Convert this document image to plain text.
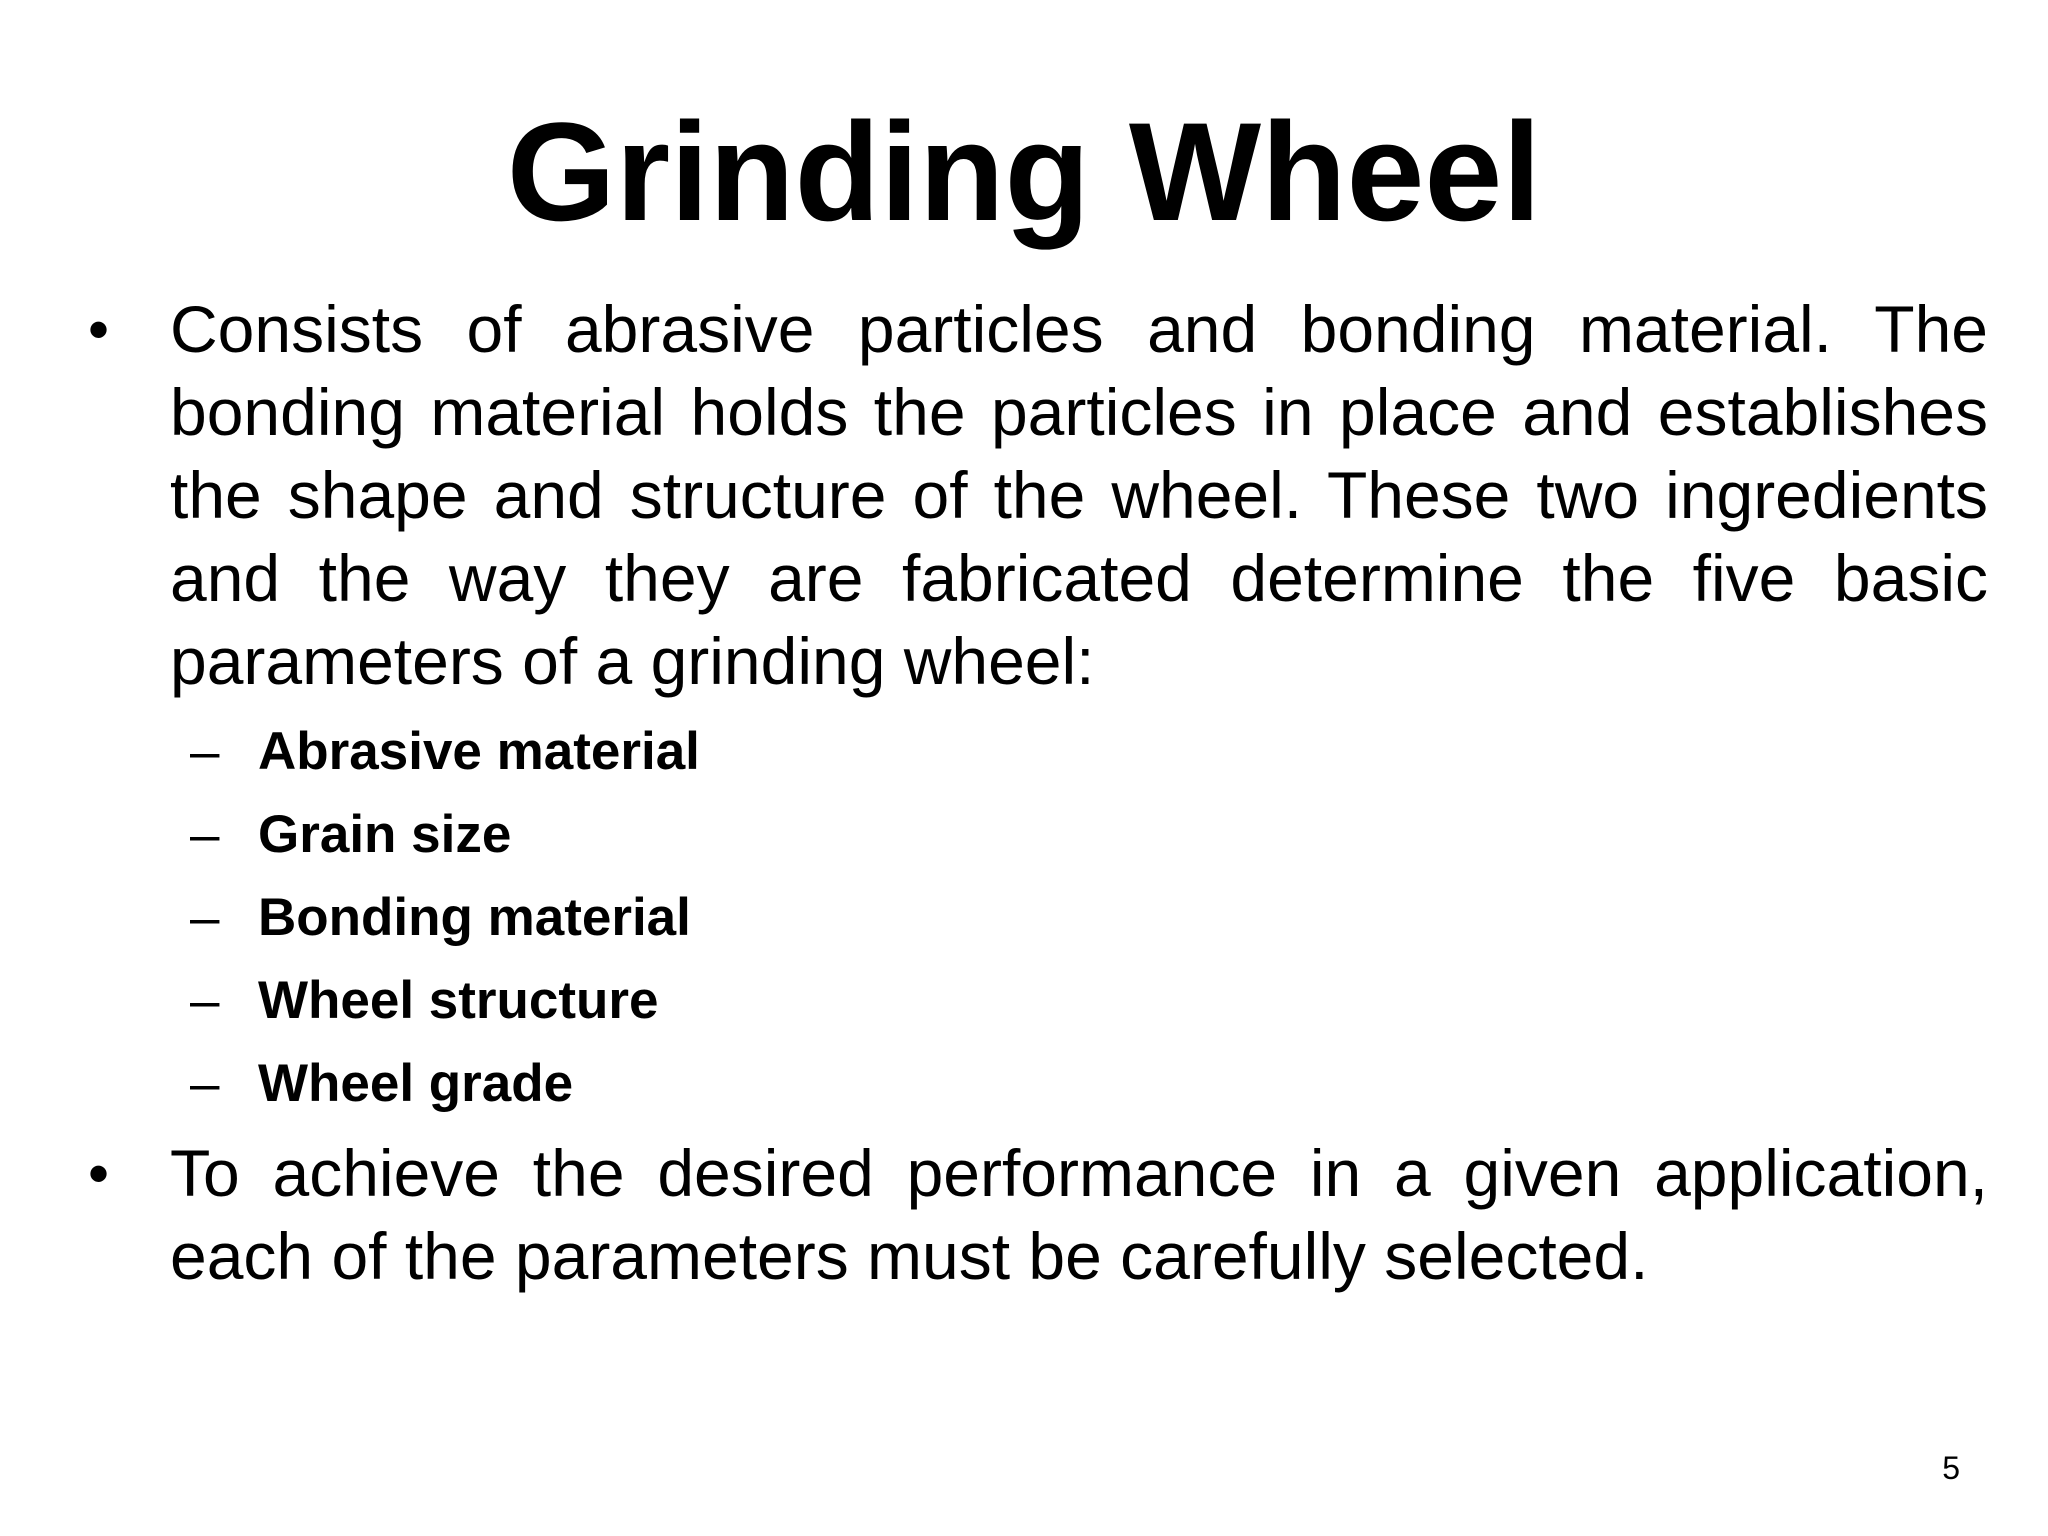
Grinding Wheel
• Consists of abrasive particles and bonding material. The bonding material holds the particles in place and establishes the shape and structure of the wheel. These two ingredients and the way they are fabricated determine the five basic parameters of a grinding wheel:
– Abrasive material
– Grain size
– Bonding material
– Wheel structure
– Wheel grade
• To achieve the desired performance in a given application, each of the parameters must be carefully selected.
5
